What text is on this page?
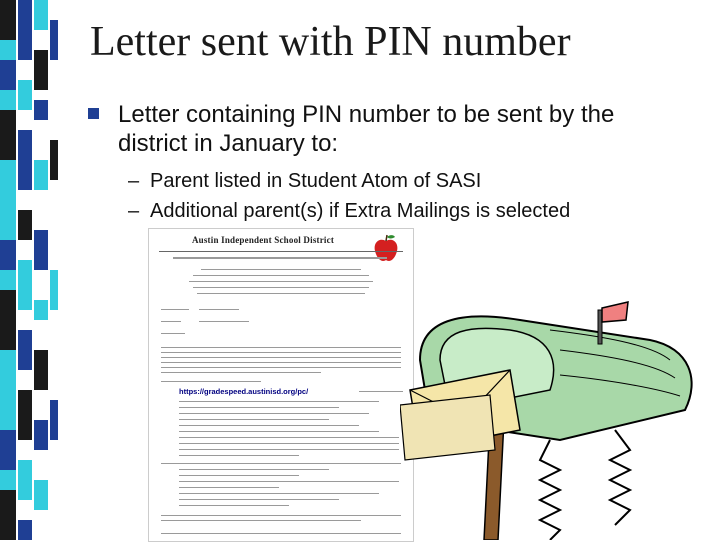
Letter sent with PIN number
Letter containing PIN number to be sent by the district in January to:
– Parent listed in Student Atom of SASI
– Additional parent(s) if Extra Mailings is selected
Austin Independent School District
https://gradespeed.austinisd.org/pc/
